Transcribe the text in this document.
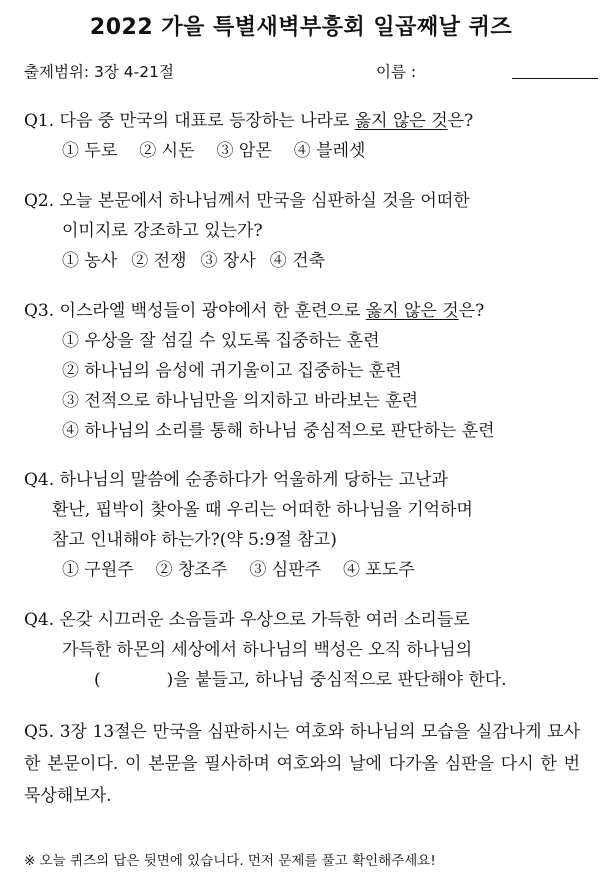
2022 가을 특별새벽부흥회 일곱째날 퀴즈
출제범위: 3장 4-21절	이름 :
Q1. 다음 중 만국의 대표로 등장하는 나라로 옳지 않은 것은?
① 두로 ② 시돈 ③ 암몬 ④ 블레셋
Q2. 오늘 본문에서 하나님께서 만국을 심판하실 것을 어떠한
이미지로 강조하고 있는가?
① 농사 ② 전쟁 ③ 장사 ④ 건축
Q3. 이스라엘 백성들이 광야에서 한 훈련으로 옳지 않은 것은?
① 우상을 잘 섬길 수 있도록 집중하는 훈련
② 하나님의 음성에 귀기울이고 집중하는 훈련
③ 전적으로 하나님만을 의지하고 바라보는 훈련
④ 하나님의 소리를 통해 하나님 중심적으로 판단하는 훈련
Q4. 하나님의 말씀에 순종하다가 억울하게 당하는 고난과
환난, 핍박이 찾아올 때 우리는 어떠한 하나님을 기억하며
참고 인내해야 하는가?(약 5:9절 참고)
① 구원주 ② 창조주 ③ 심판주 ④ 포도주
Q4. 온갖 시끄러운 소음들과 우상으로 가득한 여러 소리들로
가득한 하몬의 세상에서 하나님의 백성은 오직 하나님의
(	)을 붙들고, 하나님 중심적으로 판단해야 한다.
Q5. 3장 13절은 만국을 심판하시는 여호와 하나님의 모습을 실감나게 묘사한 본문이다. 이 본문을 필사하며 여호와의 날에 다가올 심판을 다시 한 번 묵상해보자.
※ 오늘 퀴즈의 답은 뒷면에 있습니다. 먼저 문제를 풀고 확인해주세요!
